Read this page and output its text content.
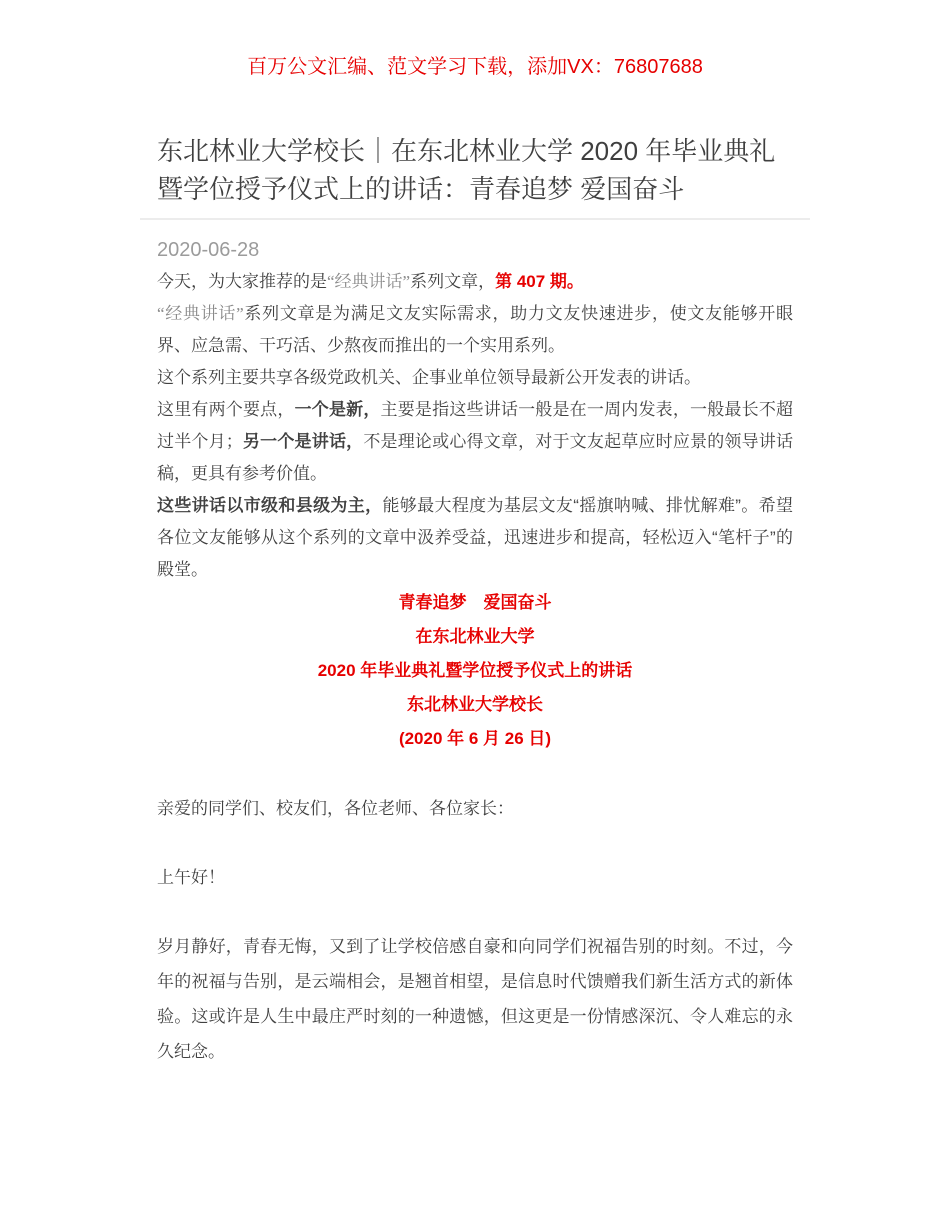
百万公文汇编、范文学习下载，添加VX：76807688
东北林业大学校长｜在东北林业大学 2020 年毕业典礼暨学位授予仪式上的讲话：青春追梦 爱国奋斗
2020-06-28

今天，为大家推荐的是“经典讲话”系列文章，第 407 期。

“经典讲话”系列文章是为满足文友实际需求，助力文友快速进步，使文友能够开眼界、应急需、干巧活、少熬夜而推出的一个实用系列。

这个系列主要共享各级党政机关、企事业单位领导最新公开发表的讲话。

这里有两个要点，一个是新，主要是指这些讲话一般是在一周内发表，一般最长不超过半个月；另一个是讲话，不是理论或心得文章，对于文友起草应时应景的领导讲话稿，更具有参考价值。

这些讲话以市级和县级为主，能够最大程度为基层文友“摇旗呐喊、排忧解难”。希望各位文友能够从这个系列的文章中汲养受益，迅速进步和提高，轻松迈入“笔杆子”的殿堂。

青春追梦　爱国奋斗
在东北林业大学
2020 年毕业典礼暨学位授予仪式上的讲话
东北林业大学校长
(2020 年 6 月 26 日)

亲爱的同学们、校友们，各位老师、各位家长：

上午好！

岁月静好，青春无悔，又到了让学校倍感自豪和向同学们祝福告别的时刻。不过，今年的祝福与告别，是云端相会，是翘首相望，是信息时代馈赠我们新生活方式的新体验。这或许是人生中最庄严时刻的一种遗憾，但这更是一份情感深沉、令人难忘的永久纪念。
